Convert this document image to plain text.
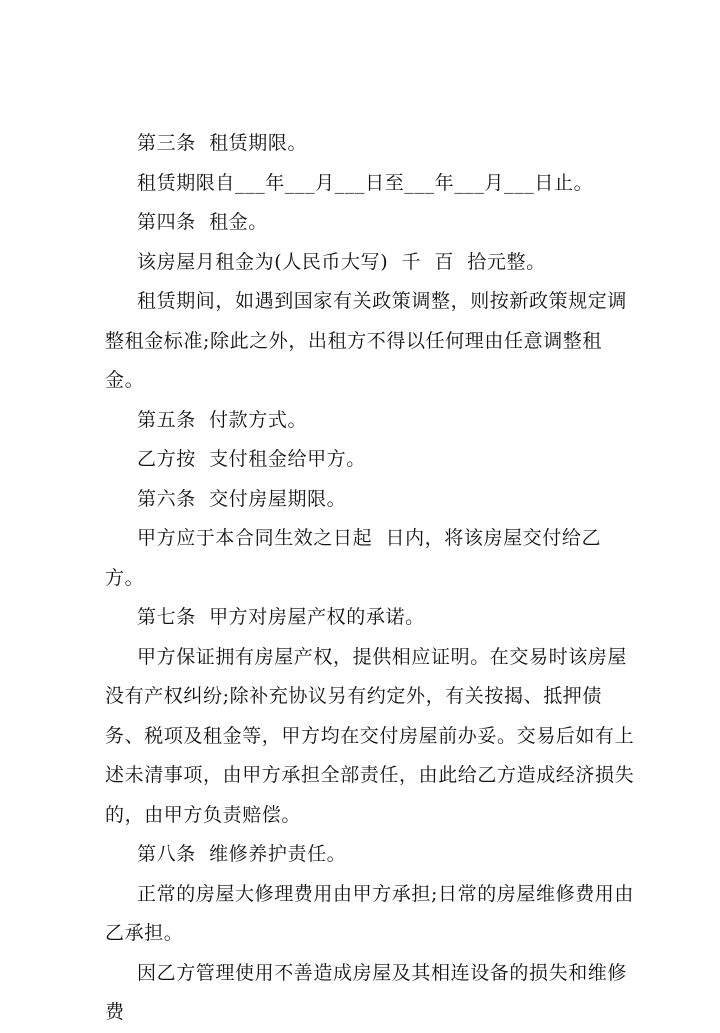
第三条  租赁期限。

租赁期限自___年___月___日至___年___月___日止。

第四条  租金。

该房屋月租金为(人民币大写)  千  百  拾元整。

租赁期间，如遇到国家有关政策调整，则按新政策规定调整租金标准;除此之外，出租方不得以任何理由任意调整租金。

第五条  付款方式。

乙方按  支付租金给甲方。

第六条  交付房屋期限。

甲方应于本合同生效之日起  日内，将该房屋交付给乙方。

第七条  甲方对房屋产权的承诺。

甲方保证拥有房屋产权，提供相应证明。在交易时该房屋没有产权纠纷;除补充协议另有约定外，有关按揭、抵押债务、税项及租金等，甲方均在交付房屋前办妥。交易后如有上述未清事项，由甲方承担全部责任，由此给乙方造成经济损失的，由甲方负责赔偿。

第八条  维修养护责任。

正常的房屋大修理费用由甲方承担;日常的房屋维修费用由乙承担。

因乙方管理使用不善造成房屋及其相连设备的损失和维修费
